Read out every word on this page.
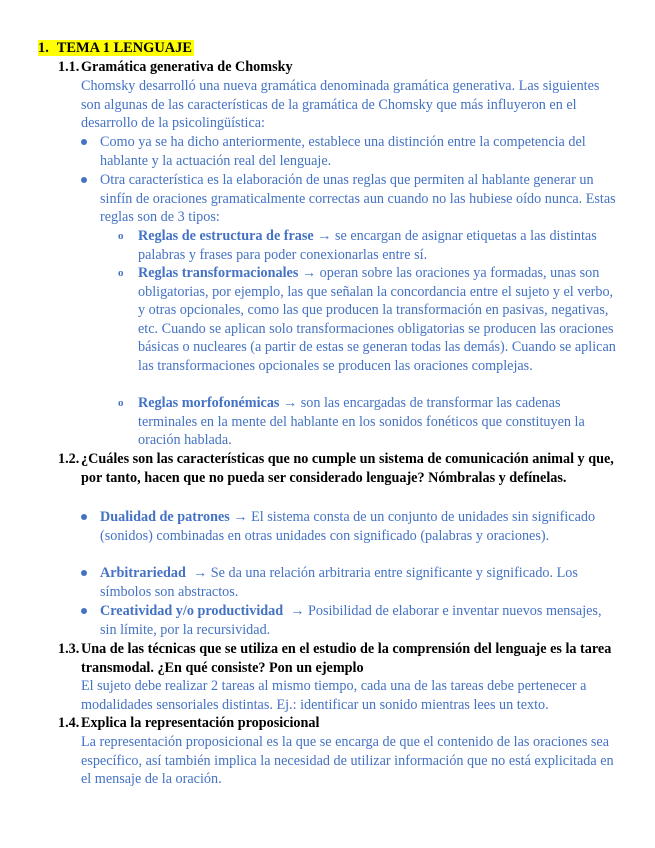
1. TEMA 1 LENGUAJE
1.1. Gramática generativa de Chomsky
Chomsky desarrolló una nueva gramática denominada gramática generativa. Las siguientes son algunas de las características de la gramática de Chomsky que más influyeron en el desarrollo de la psicolingüística:
Como ya se ha dicho anteriormente, establece una distinción entre la competencia del hablante y la actuación real del lenguaje.
Otra característica es la elaboración de unas reglas que permiten al hablante generar un sinfín de oraciones gramaticalmente correctas aun cuando no las hubiese oído nunca. Estas reglas son de 3 tipos:
o Reglas de estructura de frase → se encargan de asignar etiquetas a las distintas palabras y frases para poder conexionarlas entre sí.
o Reglas transformacionales → operan sobre las oraciones ya formadas, unas son obligatorias, por ejemplo, las que señalan la concordancia entre el sujeto y el verbo, y otras opcionales, como las que producen la transformación en pasivas, negativas, etc. Cuando se aplican solo transformaciones obligatorias se producen las oraciones básicas o nucleares (a partir de estas se generan todas las demás). Cuando se aplican las transformaciones opcionales se producen las oraciones complejas.
o Reglas morfofonémicas → son las encargadas de transformar las cadenas terminales en la mente del hablante en los sonidos fonéticos que constituyen la oración hablada.
1.2. ¿Cuáles son las características que no cumple un sistema de comunicación animal y que, por tanto, hacen que no pueda ser considerado lenguaje? Nómbralas y defínelas.
Dualidad de patrones → El sistema consta de un conjunto de unidades sin significado (sonidos) combinadas en otras unidades con significado (palabras y oraciones).
Arbitrariedad → Se da una relación arbitraria entre significante y significado. Los símbolos son abstractos.
Creatividad y/o productividad → Posibilidad de elaborar e inventar nuevos mensajes, sin límite, por la recursividad.
1.3. Una de las técnicas que se utiliza en el estudio de la comprensión del lenguaje es la tarea transmodal. ¿En qué consiste? Pon un ejemplo
El sujeto debe realizar 2 tareas al mismo tiempo, cada una de las tareas debe pertenecer a modalidades sensoriales distintas. Ej.: identificar un sonido mientras lees un texto.
1.4. Explica la representación proposicional
La representación proposicional es la que se encarga de que el contenido de las oraciones sea específico, así también implica la necesidad de utilizar información que no está explicitada en el mensaje de la oración.
